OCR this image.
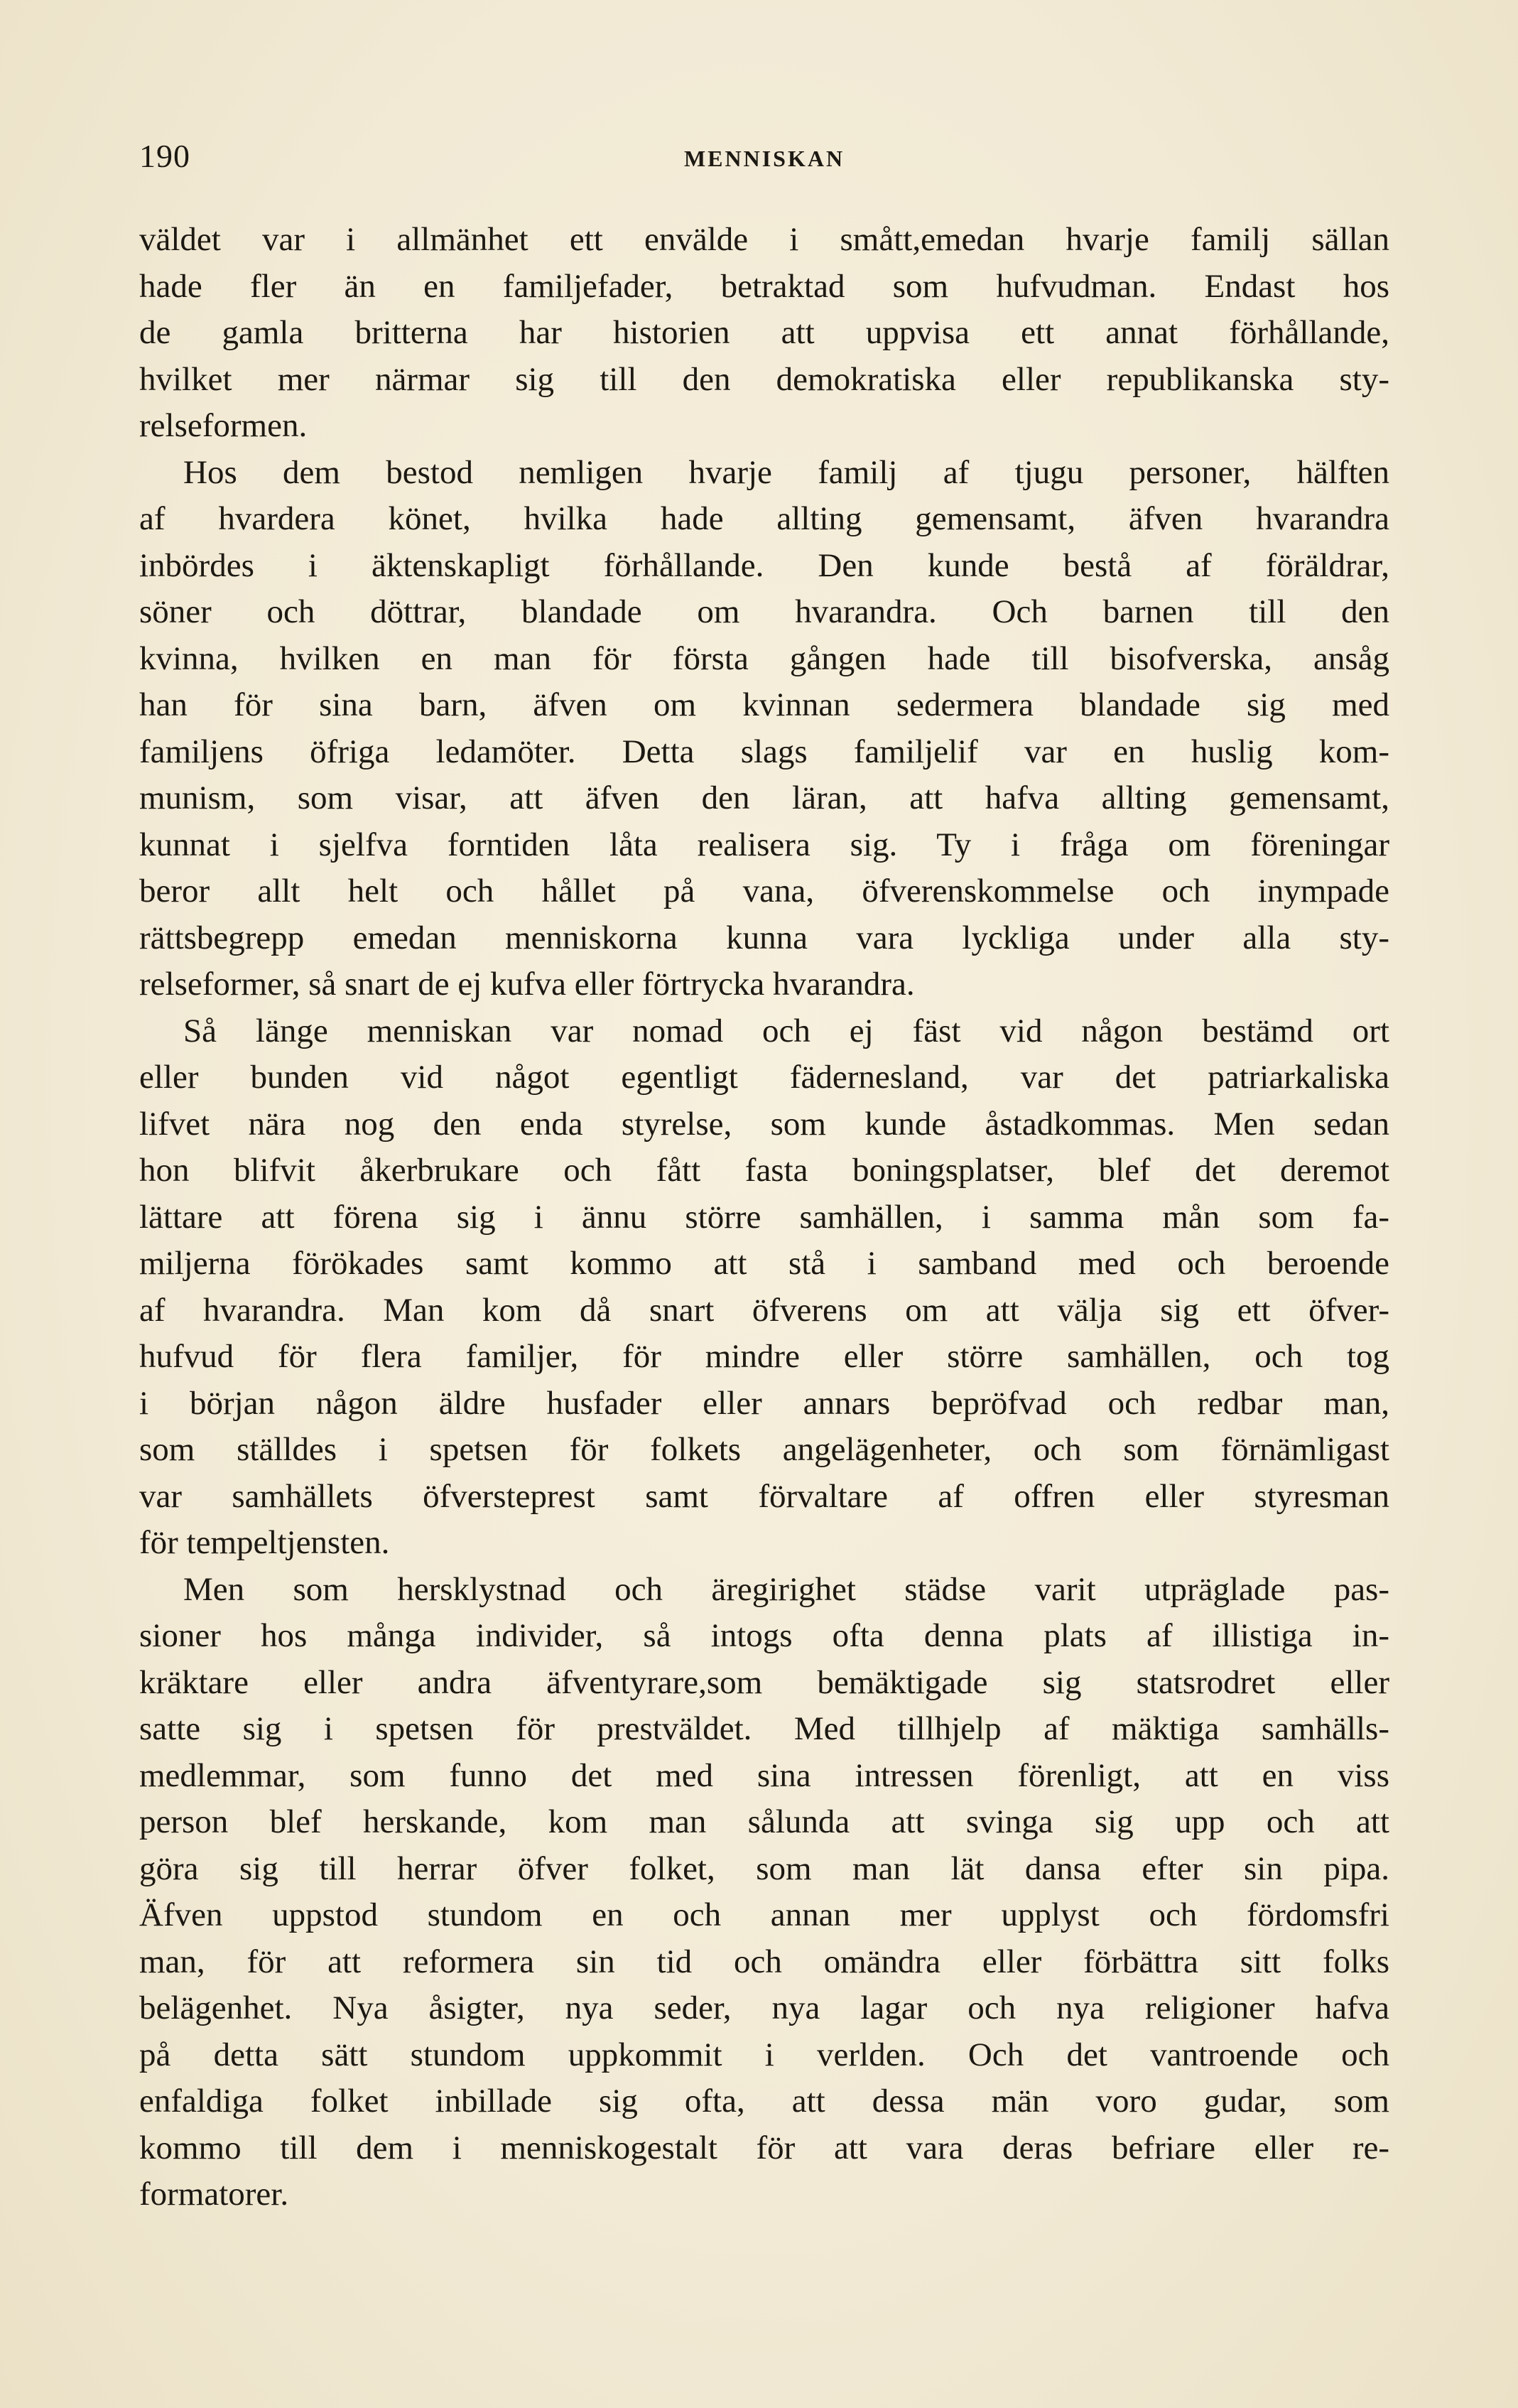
190	MENNISKAN

väldet var i allmänhet ett envälde i smått,emedan hvarje familj sällan
hade fler än en familjefader, betraktad som hufvudman. Endast hos
de gamla britterna har historien att uppvisa ett annat förhållande,
hvilket mer närmar sig till den demokratiska eller republikanska sty-
relseformen.

Hos dem bestod nemligen hvarje familj af tjugu personer, hälften
af hvardera könet, hvilka hade allting gemensamt, äfven hvarandra
inbördes i äktenskapligt förhållande. Den kunde bestå af föräldrar,
söner och döttrar, blandade om hvarandra. Och barnen till den
kvinna, hvilken en man för första gången hade till bisofverska, ansåg
han för sina barn, äfven om kvinnan sedermera blandade sig med
familjens öfriga ledamöter. Detta slags familjelif var en huslig kom-
munism, som visar, att äfven den läran, att hafva allting gemensamt,
kunnat i sjelfva forntiden låta realisera sig. Ty i fråga om föreningar
beror allt helt och hållet på vana, öfverenskommelse och inympade
rättsbegrepp emedan menniskorna kunna vara lyckliga under alla sty-
relseformer, så snart de ej kufva eller förtrycka hvarandra.

Så länge menniskan var nomad och ej fäst vid någon bestämd ort
eller bunden vid något egentligt fädernesland, var det patriarkaliska
lifvet nära nog den enda styrelse, som kunde åstadkommas. Men sedan
hon blifvit åkerbrukare och fått fasta boningsplatser, blef det deremot
lättare att förena sig i ännu större samhällen, i samma mån som fa-
miljerna förökades samt kommo att stå i samband med och beroende
af hvarandra. Man kom då snart öfverens om att välja sig ett öfver-
hufvud för flera familjer, för mindre eller större samhällen, och tog
i början någon äldre husfader eller annars bepröfvad och redbar man,
som ställdes i spetsen för folkets angelägenheter, och som förnämligast
var samhällets öfversteprest samt förvaltare af offren eller styresman
för tempeltjensten.

Men som hersklystnad och äregirighet städse varit utpräglade pas-
sioner hos många individer, så intogs ofta denna plats af illistiga in-
kräktare eller andra äfventyrare,som bemäktigade sig statsrodret eller
satte sig i spetsen för prestväldet. Med tillhjelp af mäktiga samhälls-
medlemmar, som funno det med sina intressen förenligt, att en viss
person blef herskande, kom man sålunda att svinga sig upp och att
göra sig till herrar öfver folket, som man lät dansa efter sin pipa.
Äfven uppstod stundom en och annan mer upplyst och fördomsfri
man, för att reformera sin tid och omändra eller förbättra sitt folks
belägenhet. Nya åsigter, nya seder, nya lagar och nya religioner hafva
på detta sätt stundom uppkommit i verlden. Och det vantroende och
enfaldiga folket inbillade sig ofta, att dessa män voro gudar, som
kommo till dem i menniskogestalt för att vara deras befriare eller re-
formatorer.
